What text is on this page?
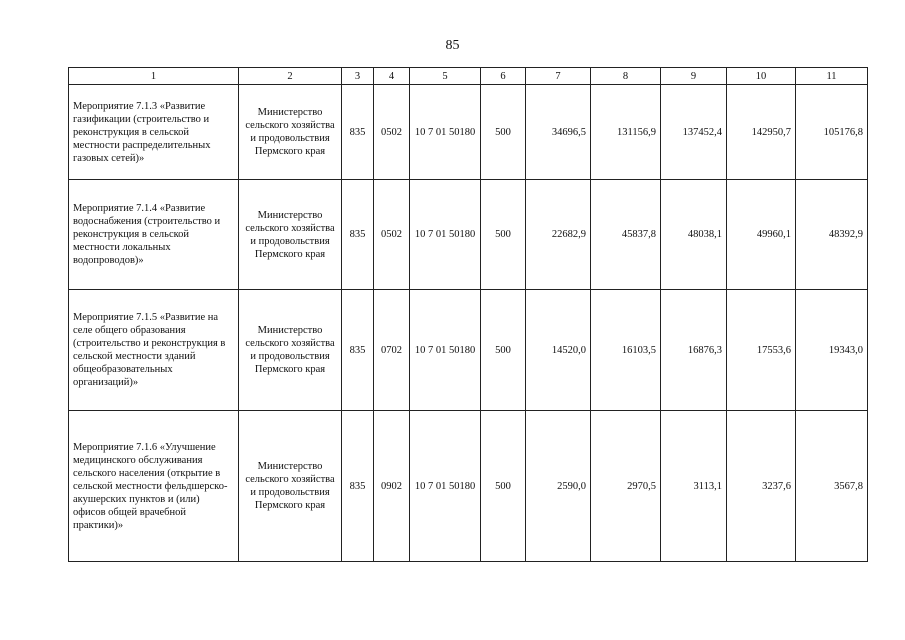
85
1	2	3	4	5	6	7	8	9	10	11
Мероприятие 7.1.3 «Развитие газификации (строительство и реконструкция в сельской местности распределительных газовых сетей)»	Министерство сельского хозяйства и продовольствия Пермского края	835	0502	10 7 01 50180	500	34696,5	131156,9	137452,4	142950,7	105176,8
Мероприятие 7.1.4 «Развитие водоснабжения (строительство и реконструкция в сельской местности локальных водопроводов)»	Министерство сельского хозяйства и продовольствия Пермского края	835	0502	10 7 01 50180	500	22682,9	45837,8	48038,1	49960,1	48392,9
Мероприятие 7.1.5 «Развитие на селе общего образования (строительство и реконструкция в сельской местности зданий общеобразовательных организаций)»	Министерство сельского хозяйства и продовольствия Пермского края	835	0702	10 7 01 50180	500	14520,0	16103,5	16876,3	17553,6	19343,0
Мероприятие 7.1.6 «Улучшение медицинского обслуживания сельского населения (открытие в сельской местности фельдшерско-акушерских пунктов и (или) офисов общей врачебной практики)»	Министерство сельского хозяйства и продовольствия Пермского края	835	0902	10 7 01 50180	500	2590,0	2970,5	3113,1	3237,6	3567,8
